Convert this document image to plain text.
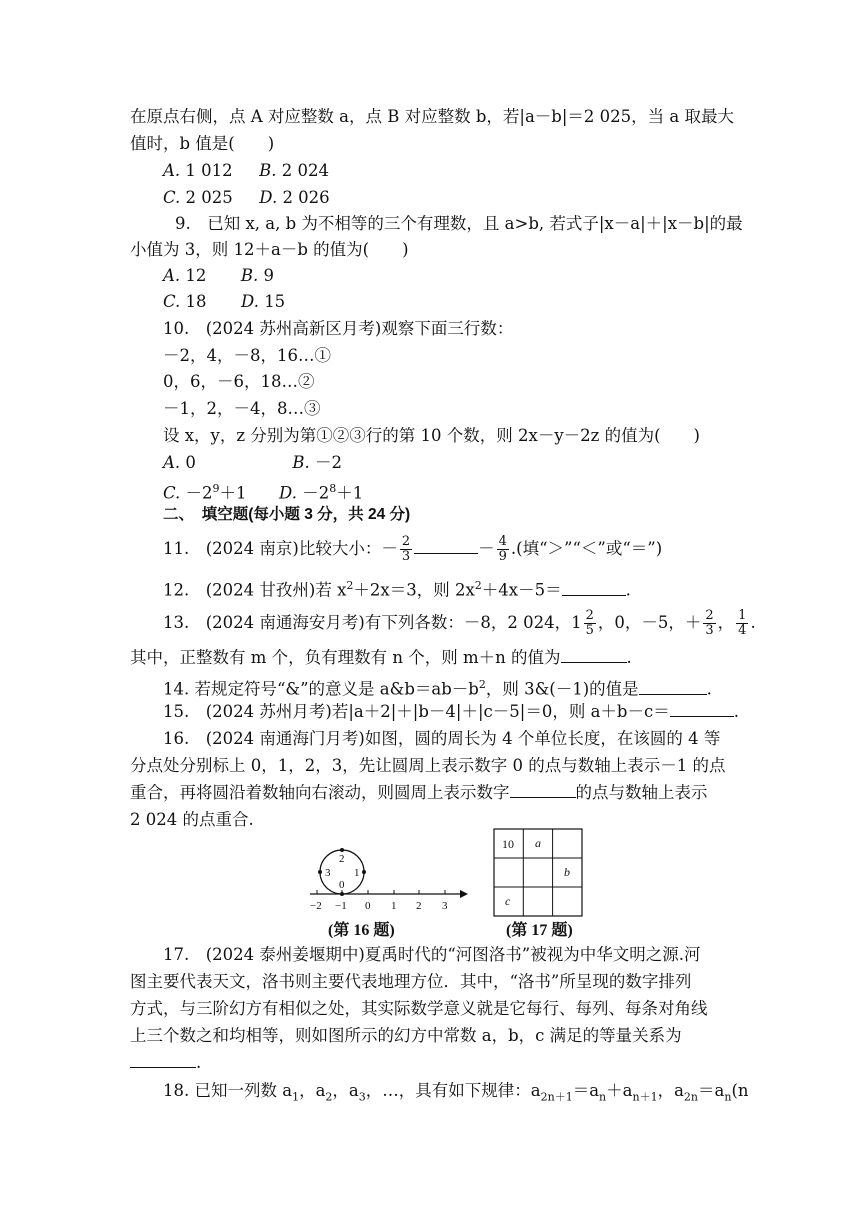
在原点右侧，点 A 对应整数 a，点 B 对应整数 b，若|a－b|＝2 025，当 a 取最大
值时，b 值是(　　)
A. 1 012 B. 2 024
C. 2 025 D. 2 026
9.　已知 x, a, b 为不相等的三个有理数，且 a>b, 若式子|x－a|＋|x－b|的最
小值为 3，则 12＋a－b 的值为(　　)
A. 12 B. 9
C. 18 D. 15
10.　(2024 苏州高新区月考)观察下面三行数：
－2，4，－8，16…①
0，6，－6，18…②
－1，2，－4，8…③
设 x，y，z 分别为第①②③行的第 10 个数，则 2x－y－2z 的值为(　　)
A. 0	B. －2
C. $-2^9+1$ D. $-2^8+1$
二、　填空题(每小题 3 分，共 24 分)
11.　(2024 南京)比较大小：－ $\frac{2}{3}$	－ $\frac{4}{9}$ .(填“＞”“＜”或“＝”)
12.　(2024 甘孜州)若 $x^2+2x=3$，则 $2x^2+4x-5=$	.
13.　(2024 南通海安月考)有下列各数：－8，2 024，$1 \frac{2}{5}$ ，0，－5，＋ $\frac{2}{3}$ ， $\frac{1}{4}$ .
其中，正整数有 m 个，负有理数有 n 个，则 m＋n 的值为	.
14. 若规定符号“&”的意义是 $a\&b=ab-b^2$，则 3&(－1)的值是	.
15.　(2024 苏州月考)若|a＋2|＋|b－4|＋|c－5|＝0，则 a＋b－c＝	.
16.　(2024 南通海门月考)如图，圆的周长为 4 个单位长度，在该圆的 4 等
分点处分别标上 0，1，2，3，先让圆周上表示数字 0 的点与数轴上表示－1 的点
重合，再将圆沿着数轴向右滚动，则圆周上表示数字	的点与数轴上表示
2 024 的点重合.
−2 −1 0 1 2 3
2
3 1
0
10 a
b
c
(第 16 题)	(第 17 题)
17.　(2024 泰州姜堰期中)夏禹时代的“河图洛书”被视为中华文明之源.河
图主要代表天文，洛书则主要代表地理方位．其中，“洛书”所呈现的数字排列
方式，与三阶幻方有相似之处，其实际数学意义就是它每行、每列、每条对角线
上三个数之和均相等，则如图所示的幻方中常数 a，b，c 满足的等量关系为
.
18. 已知一列数 $a_1$，$a_2$，$a_3$，…，具有如下规律：$a_{2n+1}=a_n+a_{n+1}$，$a_{2n}=a_n(n$
